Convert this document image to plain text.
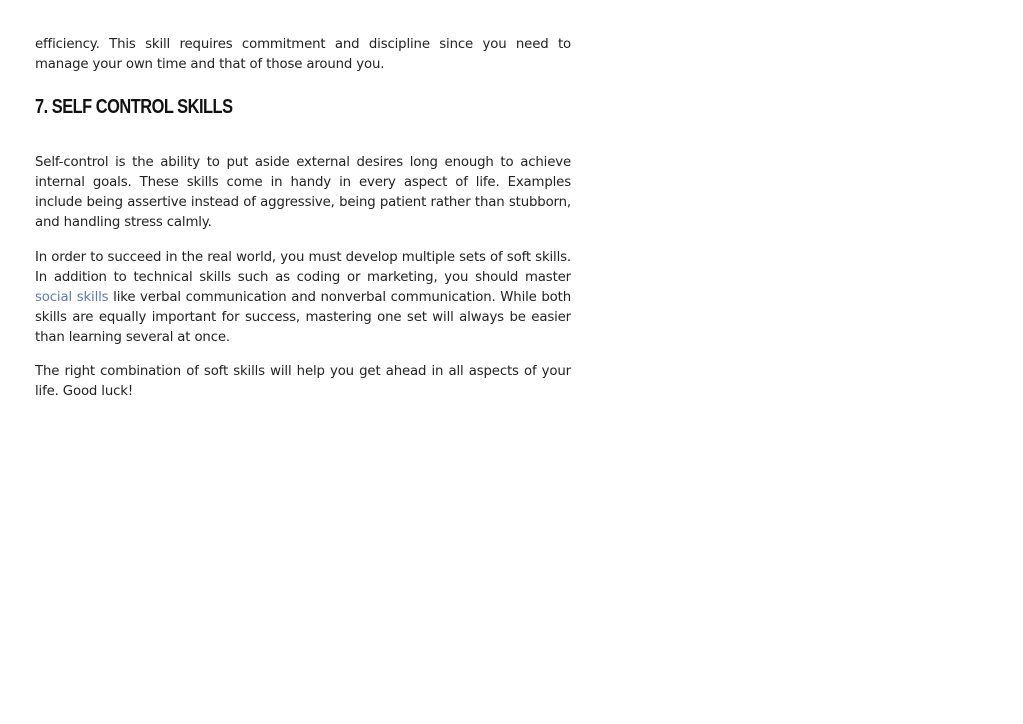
efficiency. This skill requires commitment and discipline since you need to manage your own time and that of those around you.

7. SELF CONTROL SKILLS

Self-control is the ability to put aside external desires long enough to achieve internal goals. These skills come in handy in every aspect of life. Examples include being assertive instead of aggressive, being patient rather than stubborn, and handling stress calmly.

In order to succeed in the real world, you must develop multiple sets of soft skills. In addition to technical skills such as coding or marketing, you should master social skills like verbal communication and nonverbal communication. While both skills are equally important for success, mastering one set will always be easier than learning several at once.

The right combination of soft skills will help you get ahead in all aspects of your life. Good luck!
